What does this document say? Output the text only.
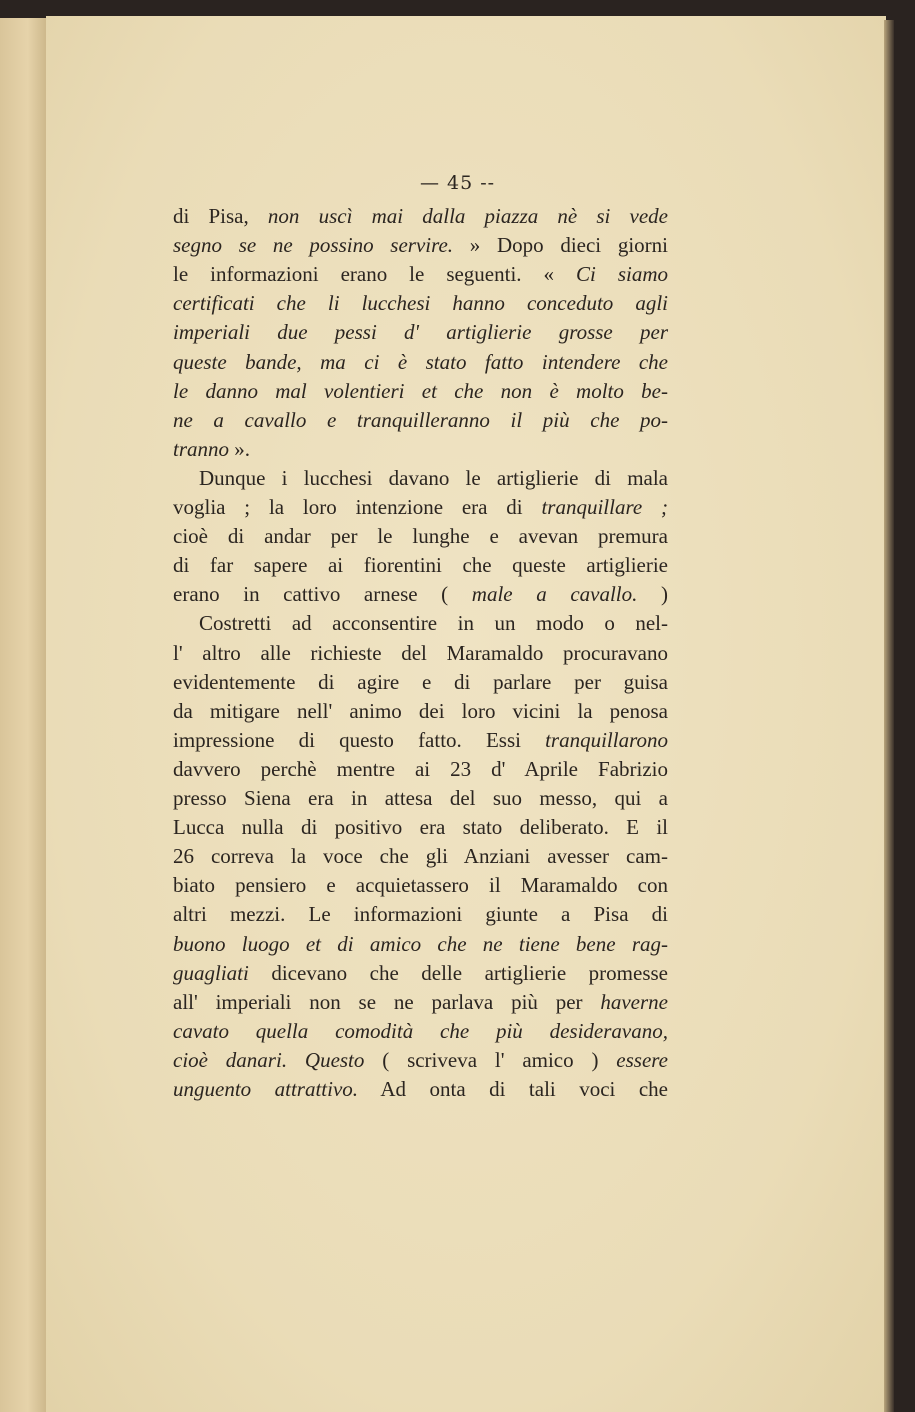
— 45 --
di Pisa, non uscì mai dalla piazza nè si vede
segno se ne possino servire. » Dopo dieci giorni
le informazioni erano le seguenti. « Ci siamo
certificati che li lucchesi hanno conceduto agli
imperiali due pessi d' artiglierie grosse per
queste bande, ma ci è stato fatto intendere che
le danno mal volentieri et che non è molto be-
ne a cavallo e tranquilleranno il più che po-
tranno ».
Dunque i lucchesi davano le artiglierie di mala
voglia ; la loro intenzione era di tranquillare ;
cioè di andar per le lunghe e avevan premura
di far sapere ai fiorentini che queste artiglierie
erano in cattivo arnese ( male a cavallo. )
Costretti ad acconsentire in un modo o nel-
l' altro alle richieste del Maramaldo procuravano
evidentemente di agire e di parlare per guisa
da mitigare nell' animo dei loro vicini la penosa
impressione di questo fatto. Essi tranquillarono
davvero perchè mentre ai 23 d' Aprile Fabrizio
presso Siena era in attesa del suo messo, qui a
Lucca nulla di positivo era stato deliberato. E il
26 correva la voce che gli Anziani avesser cam-
biato pensiero e acquietassero il Maramaldo con
altri mezzi. Le informazioni giunte a Pisa di
buono luogo et di amico che ne tiene bene rag-
guagliati dicevano che delle artiglierie promesse
all' imperiali non se ne parlava più per haverne
cavato quella comodità che più desideravano,
cioè danari. Questo ( scriveva l' amico ) essere
unguento attrattivo. Ad onta di tali voci che
